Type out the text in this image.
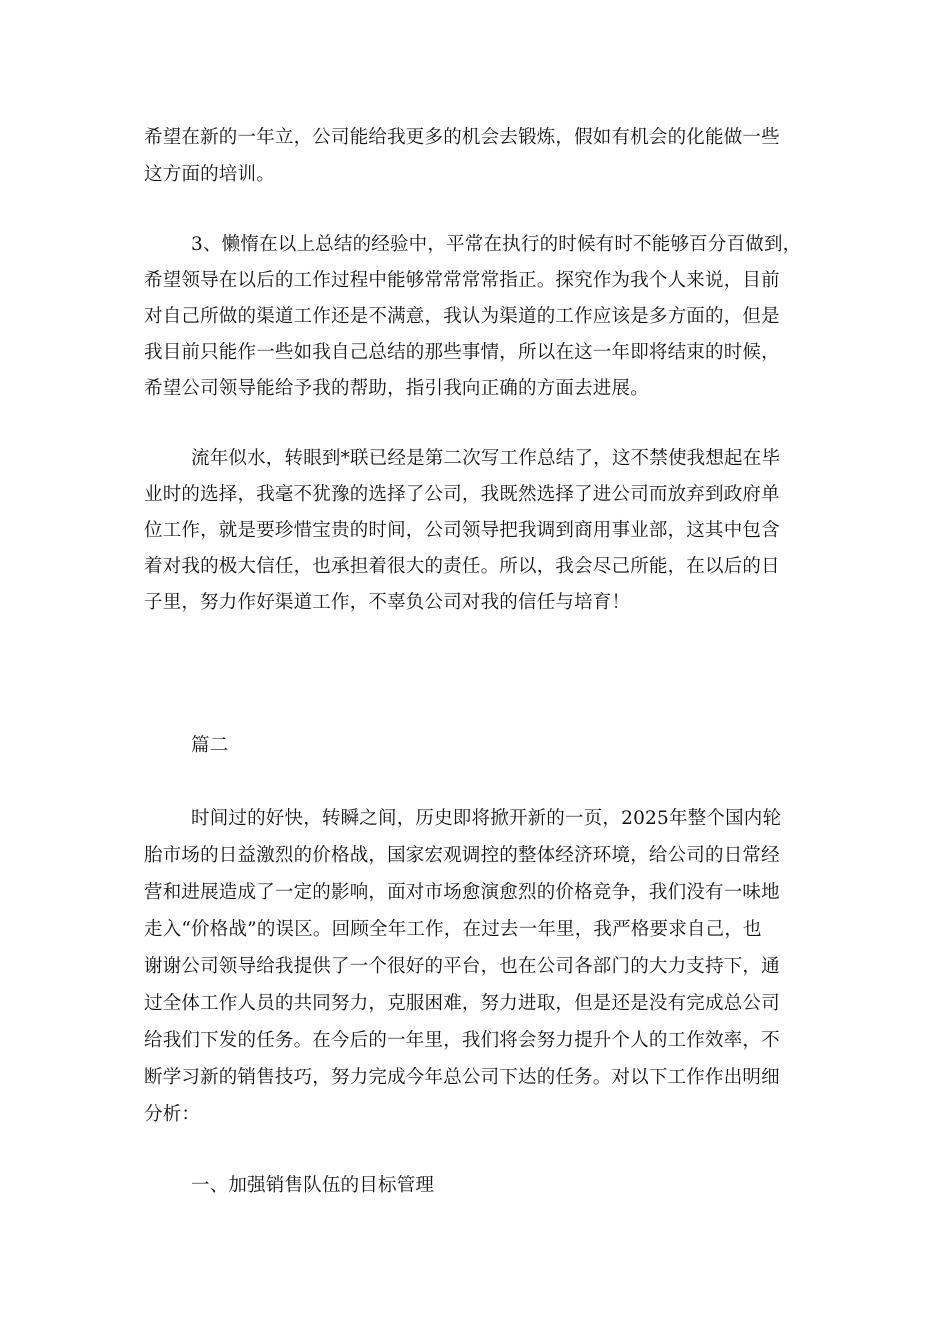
希望在新的一年立，公司能给我更多的机会去锻炼，假如有机会的化能做一些
这方面的培训。
3、懒惰在以上总结的经验中，平常在执行的时候有时不能够百分百做到，
希望领导在以后的工作过程中能够常常常常指正。探究作为我个人来说，目前
对自己所做的渠道工作还是不满意，我认为渠道的工作应该是多方面的，但是
我目前只能作一些如我自己总结的那些事情，所以在这一年即将结束的时候，
希望公司领导能给予我的帮助，指引我向正确的方面去进展。
流年似水，转眼到*联已经是第二次写工作总结了，这不禁使我想起在毕
业时的选择，我毫不犹豫的选择了公司，我既然选择了进公司而放弃到政府单
位工作，就是要珍惜宝贵的时间，公司领导把我调到商用事业部，这其中包含
着对我的极大信任，也承担着很大的责任。所以，我会尽己所能，在以后的日
子里，努力作好渠道工作，不辜负公司对我的信任与培育！
篇二
时间过的好快，转瞬之间，历史即将掀开新的一页，2025年整个国内轮
胎市场的日益激烈的价格战，国家宏观调控的整体经济环境，给公司的日常经
营和进展造成了一定的影响，面对市场愈演愈烈的价格竞争，我们没有一味地
走入“价格战”的误区。回顾全年工作，在过去一年里，我严格要求自己，也
谢谢公司领导给我提供了一个很好的平台，也在公司各部门的大力支持下，通
过全体工作人员的共同努力，克服困难，努力进取，但是还是没有完成总公司
给我们下发的任务。在今后的一年里，我们将会努力提升个人的工作效率，不
断学习新的销售技巧，努力完成今年总公司下达的任务。对以下工作作出明细
分析：
一、加强销售队伍的目标管理
